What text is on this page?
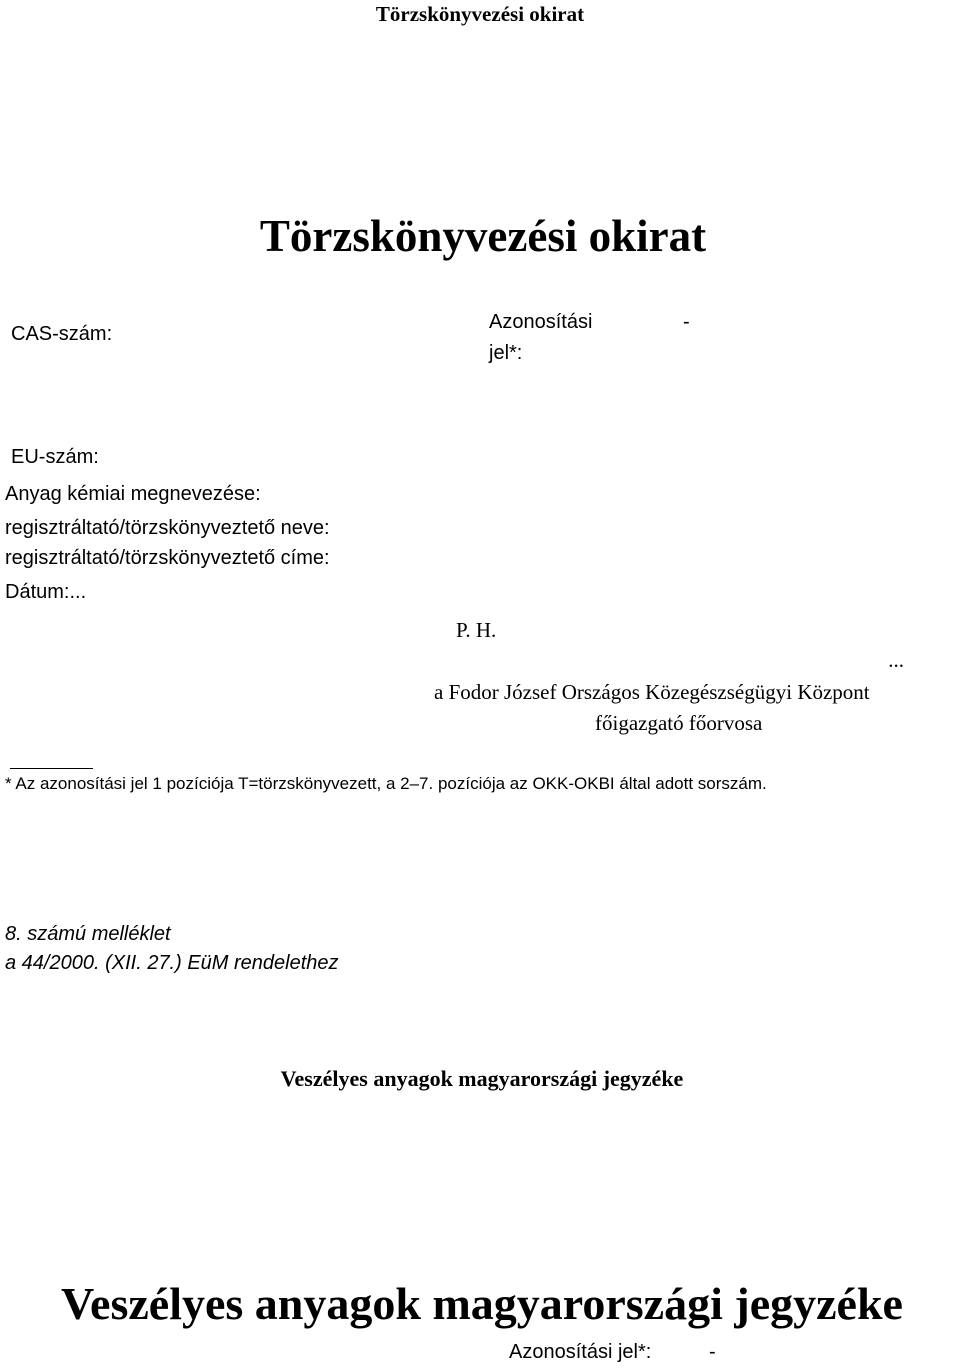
Törzskönyvezési okirat
Törzskönyvezési okirat
CAS-szám:
Azonosítási
jel*:
-
EU-szám:
Anyag kémiai megnevezése:
regisztráltató/törzskönyveztető neve:
regisztráltató/törzskönyveztető címe:
Dátum:...
P. H.
...
a Fodor József Országos Közegészségügyi Központ
főigazgató főorvosa
* Az azonosítási jel 1 pozíciója T=törzskönyvezett, a 2–7. pozíciója az OKK-OKBI által adott sorszám.
8. számú melléklet
a 44/2000. (XII. 27.) EüM rendelethez
Veszélyes anyagok magyarországi jegyzéke
Veszélyes anyagok magyarországi jegyzéke
Azonosítási jel*:	-
